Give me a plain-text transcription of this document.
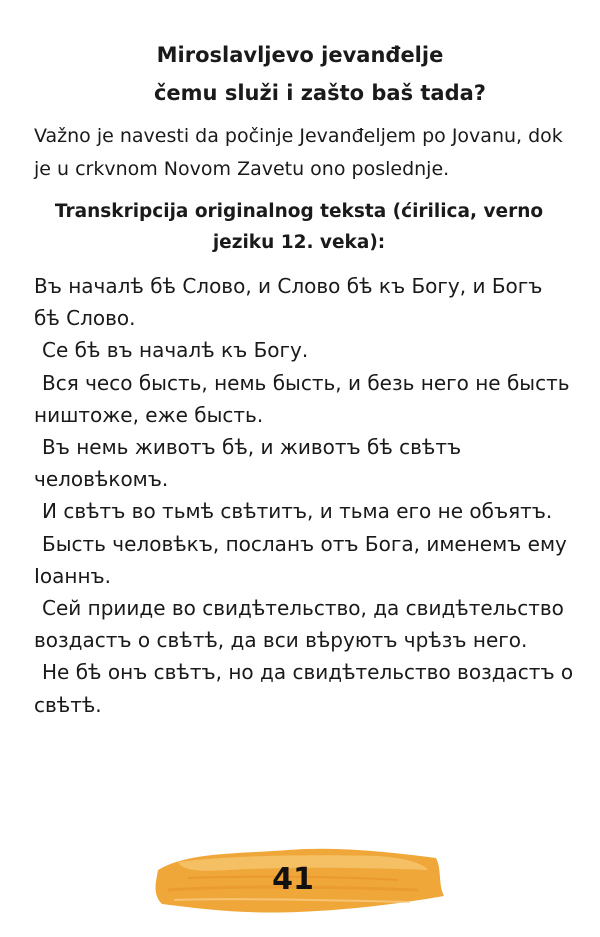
Miroslavljevo jevanđelje
čemu služi i zašto baš tada?
Važno je navesti da počinje Jevanđeljem po Jovanu, dok je u crkvnom Novom Zavetu ono poslednje.
Transkripcija originalnog teksta (ćirilica, verno jeziku 12. veka):
Въ началѣ бѣ Слово, и Слово бѣ къ Богу, и Богъ бѣ Слово.
Се бѣ въ началѣ къ Богу.
Вся чесо бысть, немь бысть, и безь него не бысть ништоже, еже бысть.
Въ немь животъ бѣ, и животъ бѣ свѣтъ человѣкомъ.
И свѣтъ во тьмѣ свѣтитъ, и тьма его не объятъ.
Бысть человѣкъ, посланъ отъ Бога, именемъ ему Іоаннъ.
Сей прииде во свидѣтельство, да свидѣтельство воздастъ о свѣтѣ, да вси вѣруютъ чрѣзъ него.
Не бѣ онъ свѣтъ, но да свидѣтельство воздастъ о свѣтѣ.
41
